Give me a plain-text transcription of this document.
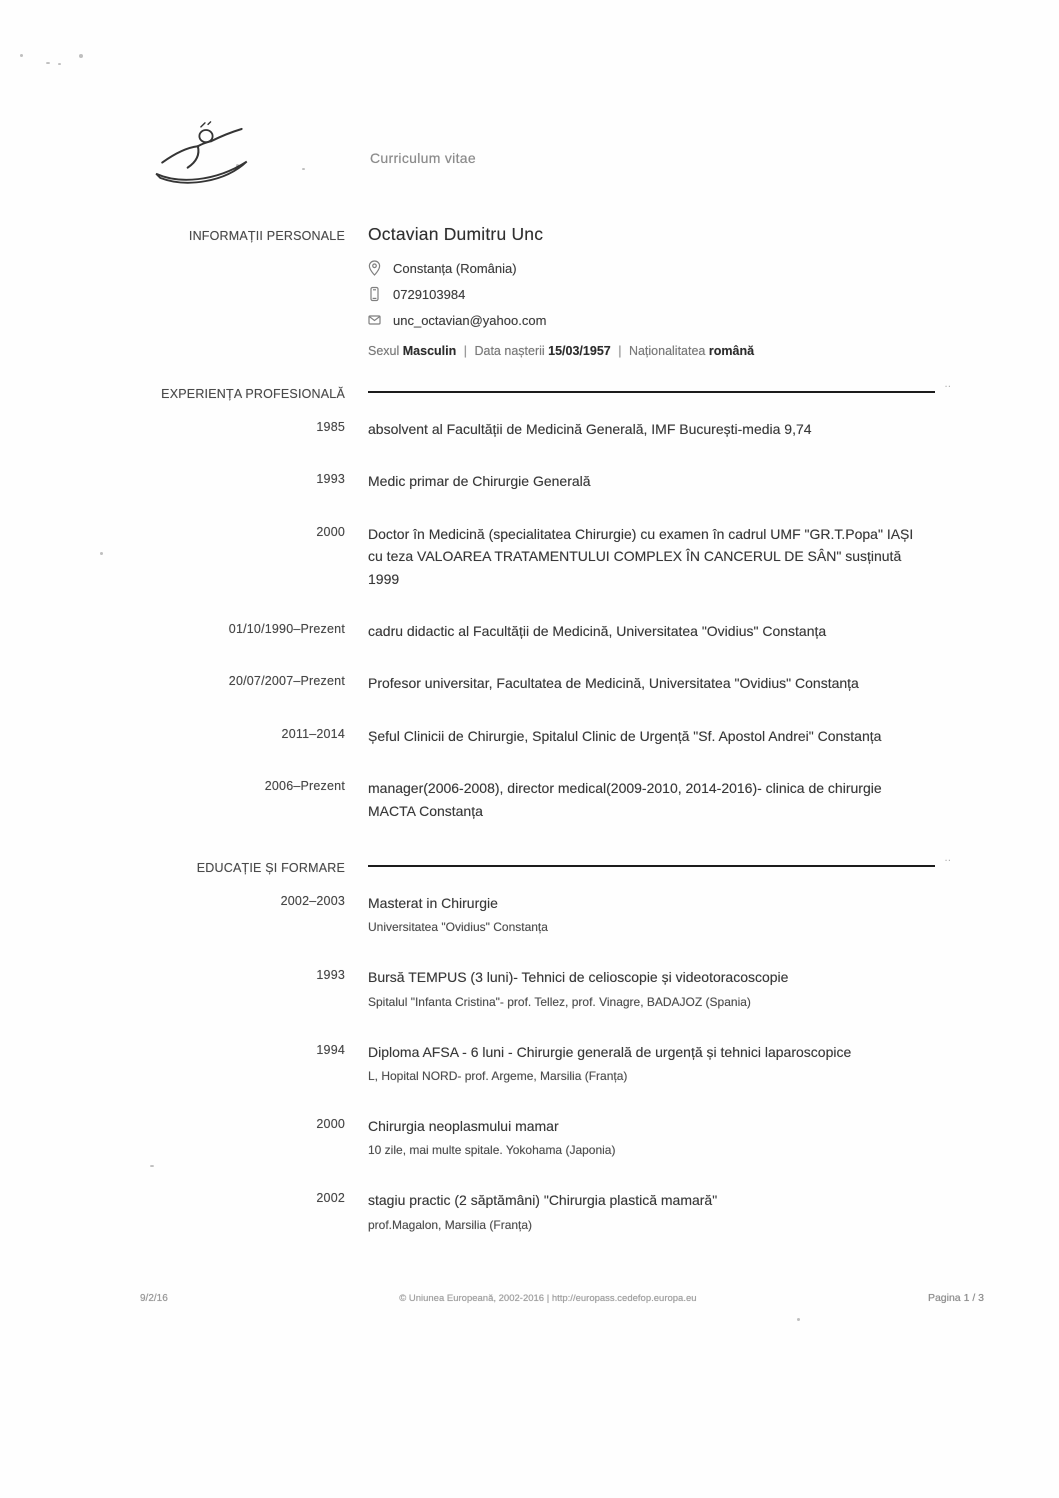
Curriculum vitae
INFORMAȚII PERSONALE Octavian Dumitru Unc
Constanța (România)
0729103984
unc_octavian@yahoo.com
Sexul Masculin | Data nașterii 15/03/1957 | Naționalitatea română
EXPERIENȚA PROFESIONALĂ
‥
1985 absolvent al Facultății de Medicină Generală, IMF București-media 9,74
1993 Medic primar de Chirurgie Generală
2000 Doctor în Medicină (specialitatea Chirurgie) cu examen în cadrul UMF "GR.T.Popa" IAȘI cu teza VALOAREA TRATAMENTULUI COMPLEX ÎN CANCERUL DE SÂN" susținută 1999
01/10/1990–Prezent cadru didactic al Facultății de Medicină, Universitatea "Ovidius" Constanța
20/07/2007–Prezent Profesor universitar, Facultatea de Medicină, Universitatea "Ovidius" Constanța
2011–2014 Șeful Clinicii de Chirurgie, Spitalul Clinic de Urgență "Sf. Apostol Andrei" Constanța
2006–Prezent manager(2006-2008), director medical(2009-2010, 2014-2016)- clinica de chirurgie MACTA Constanța
EDUCAȚIE ȘI FORMARE
‥
2002–2003 Masterat in Chirurgie
Universitatea "Ovidius" Constanța
1993 Bursă TEMPUS (3 luni)- Tehnici de celioscopie și videotoracoscopie
Spitalul "Infanta Cristina"- prof. Tellez, prof. Vinagre, BADAJOZ (Spania)
1994 Diploma AFSA - 6 luni - Chirurgie generală de urgență și tehnici laparoscopice
L, Hopital NORD- prof. Argeme, Marsilia (Franța)
2000 Chirurgia neoplasmului mamar
10 zile, mai multe spitale. Yokohama (Japonia)
2002 stagiu practic (2 săptămâni) "Chirurgia plastică mamară"
prof.Magalon, Marsilia (Franța)
9/2/16	© Uniunea Europeană, 2002-2016 | http://europass.cedefop.europa.eu	Pagina 1 / 3
